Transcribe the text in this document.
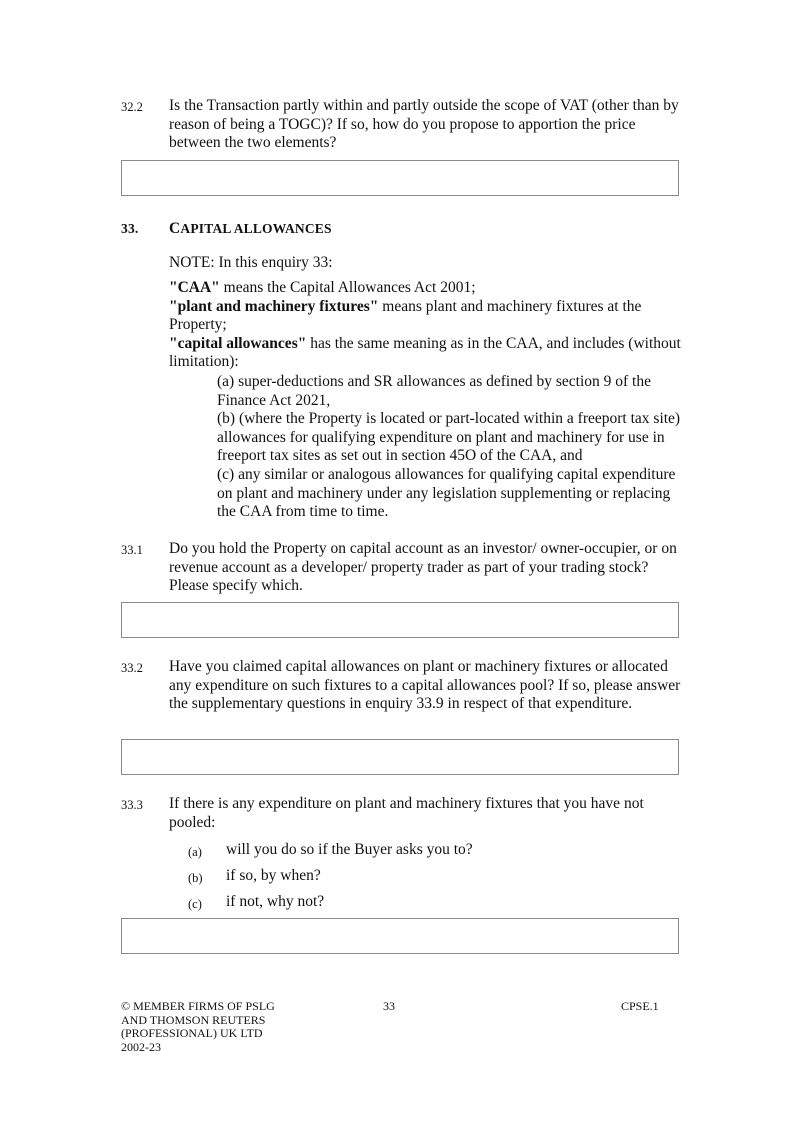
32.2 Is the Transaction partly within and partly outside the scope of VAT (other than by reason of being a TOGC)? If so, how do you propose to apportion the price between the two elements?
33. CAPITAL ALLOWANCES
NOTE: In this enquiry 33:
"CAA" means the Capital Allowances Act 2001;
"plant and machinery fixtures" means plant and machinery fixtures at the Property;
"capital allowances" has the same meaning as in the CAA, and includes (without limitation):
(a) super-deductions and SR allowances as defined by section 9 of the Finance Act 2021,
(b) (where the Property is located or part-located within a freeport tax site) allowances for qualifying expenditure on plant and machinery for use in freeport tax sites as set out in section 45O of the CAA, and
(c) any similar or analogous allowances for qualifying capital expenditure on plant and machinery under any legislation supplementing or replacing the CAA from time to time.
33.1 Do you hold the Property on capital account as an investor/ owner-occupier, or on revenue account as a developer/ property trader as part of your trading stock? Please specify which.
33.2 Have you claimed capital allowances on plant or machinery fixtures or allocated any expenditure on such fixtures to a capital allowances pool? If so, please answer the supplementary questions in enquiry 33.9 in respect of that expenditure.
33.3 If there is any expenditure on plant and machinery fixtures that you have not pooled:
(a) will you do so if the Buyer asks you to?
(b) if so, by when?
(c) if not, why not?
© MEMBER FIRMS OF PSLG
AND THOMSON REUTERS
(PROFESSIONAL) UK LTD
2002-23
33	CPSE.1
